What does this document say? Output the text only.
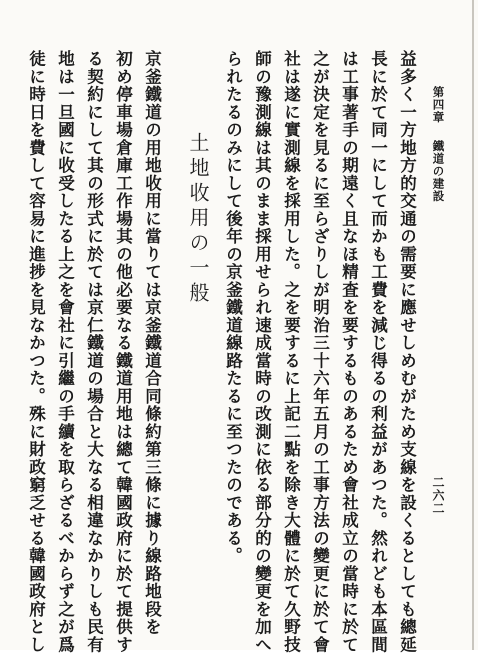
第四章
鐵道の建設
二六二
益多く一方地方的交通の需要に應せしめむがため支線を設くるとしても總延
長に於て同一にして而かも工費を減じ得るの利益があつた。然れども本區間
は工事著手の期遠く且なほ精査を要するものあるため會社成立の當時に於て
之が決定を見るに至らざりしが明治三十六年五月の工事方法の變更に於て會
社は遂に實測線を採用した。之を要するに上記二點を除き大體に於て久野技
師の豫測線は其のまま採用せられ速成當時の改測に依る部分的の變更を加へ
られたるのみにして後年の京釜鐵道線路たるに至つたのである。
土地收用の一般
京釜鐵道の用地收用に當りては京釜鐵道合同條約第三條に據り線路地段を
初め停車場倉庫工作場其の他必要なる鐵道用地は總て韓國政府に於て提供す
る契約にして其の形式に於ては京仁鐵道の場合と大なる相違なかりしも民有
地は一旦國に收受したる上之を會社に引繼の手續を取らざるべからず之が爲
徒に時日を費して容易に進捗を見なかつた。殊に財政窮乏せる韓國政府とし
